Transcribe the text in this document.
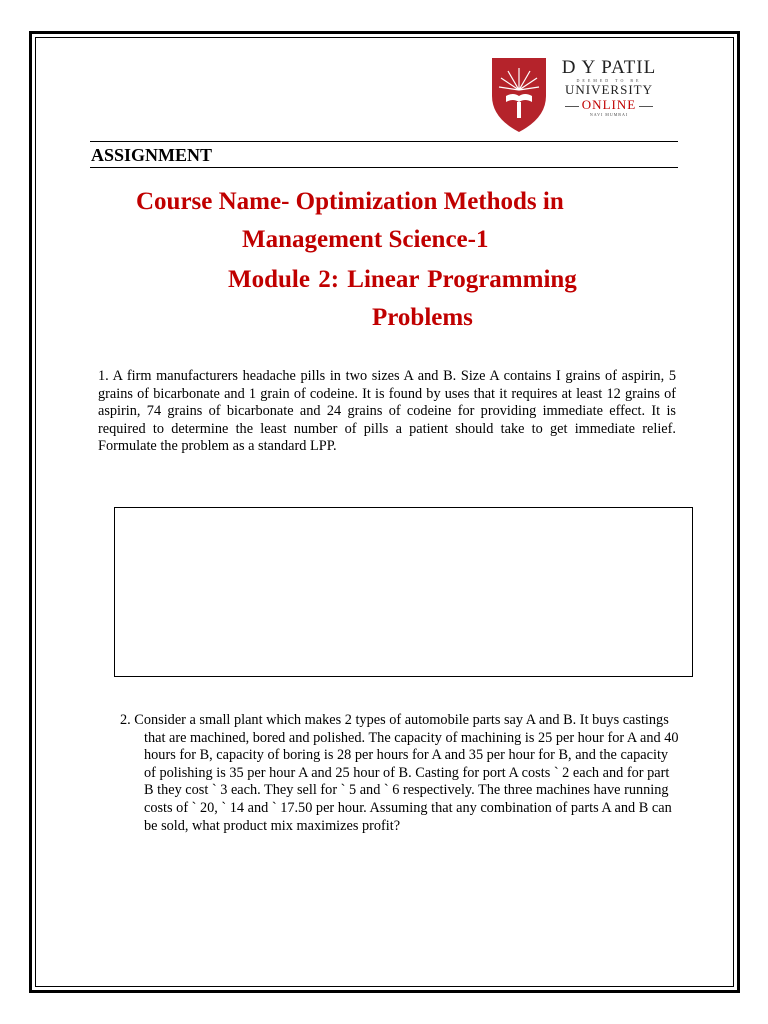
D Y PATIL
DEEMED TO BE
UNIVERSITY
ONLINE
NAVI MUMBAI
ASSIGNMENT
Course Name- Optimization Methods in
Management Science-1
Module 2: Linear Programming
Problems
1. A firm manufacturers headache pills in two sizes A and B. Size A contains I grains of aspirin, 5 grains of bicarbonate and 1 grain of codeine. It is found by uses that it requires at least 12 grains of aspirin, 74 grains of bicarbonate and 24 grains of codeine for providing immediate effect. It is required to determine the least number of pills a patient should take to get immediate relief. Formulate the problem as a standard LPP.
2. Consider a small plant which makes 2 types of automobile parts say A and B. It buys castings that are machined, bored and polished. The capacity of machining is 25 per hour for A and 40 hours for B, capacity of boring is 28 per hours for A and 35 per hour for B, and the capacity of polishing is 35 per hour A and 25 hour of B. Casting for port A costs ` 2 each and for part B they cost ` 3 each. They sell for ` 5 and ` 6 respectively. The three machines have running costs of ` 20, ` 14 and ` 17.50 per hour. Assuming that any combination of parts A and B can be sold, what product mix maximizes profit?
